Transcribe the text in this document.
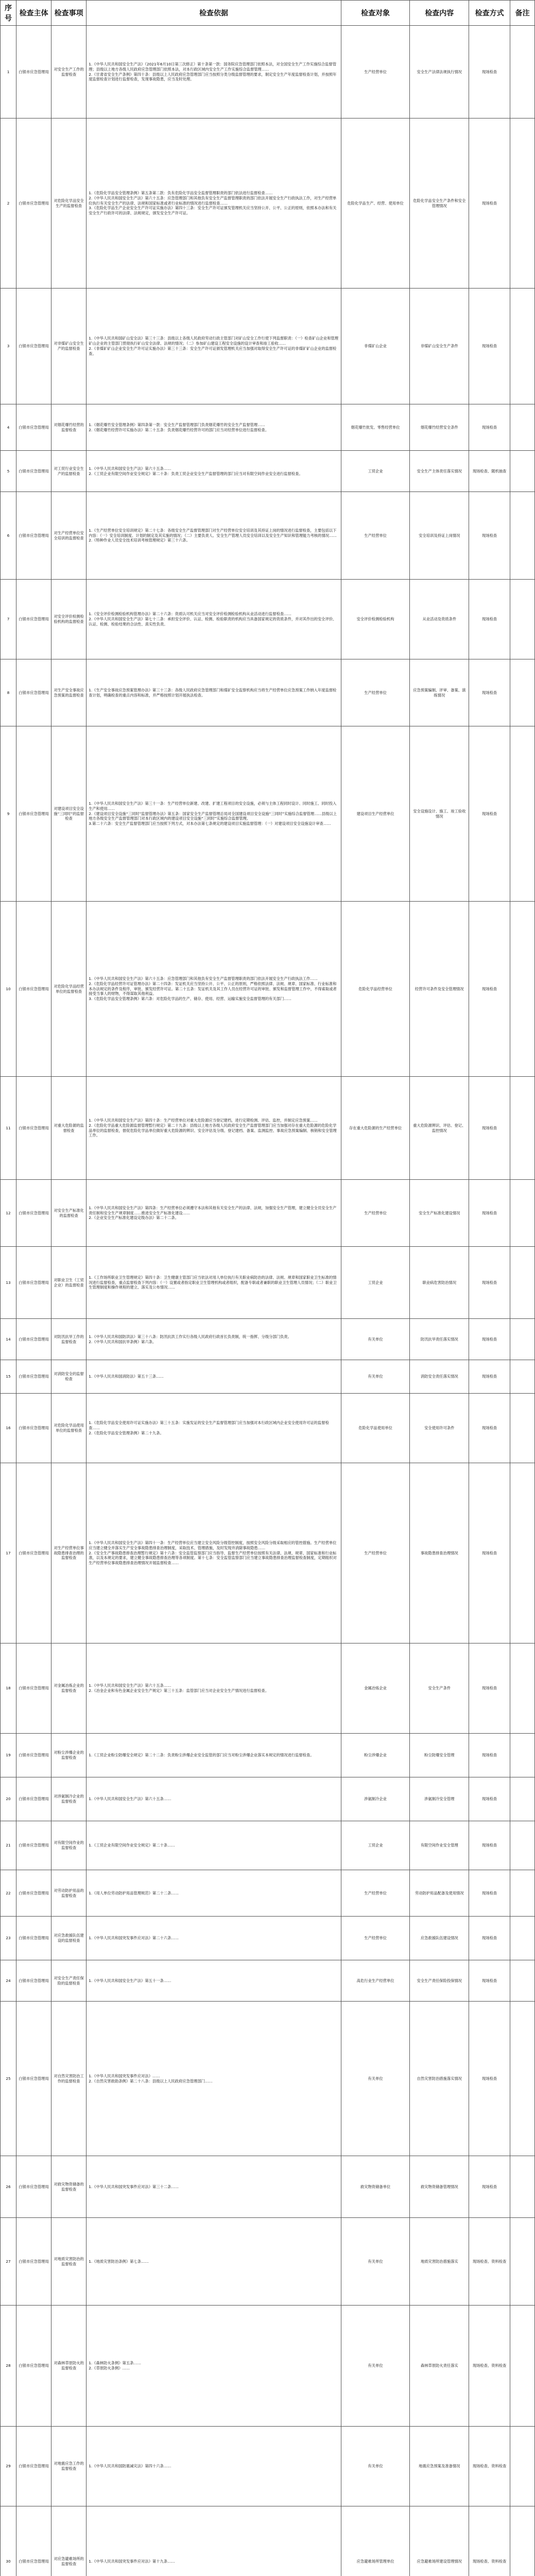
序号	检查主体	检查事项	检查依据	检查对象	检查内容	检查方式	备注
1	白银市应急管理局	对安全生产工作的监督检查	1.《中华人民共和国安全生产法》（2021年6月10日第三次修正）第十条第一款：国务院应急管理部门依照本法，对全国安全生产工作实施综合监督管理；县级以上地方各级人民政府应急管理部门依照本法，对本行政区域内安全生产工作实施综合监督管理……
2.《甘肃省安全生产条例》第四十条：县级以上人民政府应急管理部门应当按照分类分级监督管理的要求，制定安全生产年度监督检查计划，并按照年度监督检查计划进行监督检查，发现事故隐患，应当及时处理。	生产经营单位	安全生产法律法规执行情况	现场检查	
2	白银市应急管理局	对危险化学品安全生产的监督检查	1.《危险化学品安全管理条例》第五条第二款：负有危险化学品安全监督管理职责的部门依法进行监督检查……
2.《中华人民共和国安全生产法》第六十五条：应急管理部门和其他负有安全生产监督管理职责的部门依法开展安全生产行政执法工作，对生产经营单位执行有关安全生产的法律、法规和国家标准或者行业标准的情况进行监督检查……
3.《危险化学品生产企业安全生产许可证实施办法》第四十三条：安全生产许可证颁发管理机关应当坚持公开、公平、公正的原则，依照本办法和有关安全生产行政许可的法律、法规规定，颁发安全生产许可证。	危险化学品生产、经营、使用单位	危险化学品安全生产条件和安全管理情况	现场检查	
3	白银市应急管理局	对非煤矿山安全生产的监督检查	1.《中华人民共和国矿山安全法》第三十三条：县级以上各级人民政府劳动行政主管部门对矿山安全工作行使下列监督职责：（一）检查矿山企业和管理矿山企业的主管部门贯彻执行矿山安全法律、法规的情况；（二）参加矿山建设工程安全设施的设计审查和竣工验收……
2.《非煤矿矿山企业安全生产许可证实施办法》第三十三条：安全生产许可证颁发管理机关应当加强对取得安全生产许可证的非煤矿矿山企业的监督检查。	非煤矿山企业	非煤矿山安全生产条件	现场检查	
4	白银市应急管理局	对烟花爆竹经营的监督检查	1.《烟花爆竹安全管理条例》第四条第一款：安全生产监督管理部门负责烟花爆竹的安全生产监督管理……
2.《烟花爆竹经营许可实施办法》第二十五条：负责烟花爆竹经营许可的部门应当对经营单位进行监督检查。	烟花爆竹批发、零售经营单位	烟花爆竹经营安全条件	现场检查	
5	白银市应急管理局	对工贸行业安全生产的监督检查	1.《中华人民共和国安全生产法》第六十五条……
2.《工贸企业有限空间作业安全规定》第二十条：负责工贸企业安全生产监督管理的部门应当对有限空间作业安全进行监督检查。	工贸企业	安全生产主体责任落实情况	现场检查、随机抽查	
6	白银市应急管理局	对生产经营单位安全培训的监督检查	1.《生产经营单位安全培训规定》第二十七条：各级安全生产监督管理部门对生产经营单位安全培训及其持证上岗的情况进行监督检查，主要包括以下内容：（一）安全培训制度、计划的制定及其实施的情况；（二）主要负责人、安全生产管理人员安全培训以及安全生产知识和管理能力考核的情况……
2.《特种作业人员安全技术培训考核管理规定》第三十六条。	生产经营单位	安全培训及持证上岗情况	现场检查	
7	白银市应急管理局	对安全评价检测检验机构的监督检查	1.《安全评价检测检验机构管理办法》第二十六条：资质认可机关应当对安全评价检测检验机构从业活动进行监督检查……
2.《中华人民共和国安全生产法》第七十二条：承担安全评价、认证、检测、检验职责的机构应当具备国家规定的资质条件，并对其作出的安全评价、认证、检测、检验结果的合法性、真实性负责。	安全评价检测检验机构	从业活动及资质条件	现场检查	
8	白银市应急管理局	对生产安全事故应急预案的监督检查	1.《生产安全事故应急预案管理办法》第三十三条：各级人民政府应急管理部门和煤矿安全监察机构应当将生产经营单位应急预案工作纳入年度监督检查计划，明确检查的重点内容和标准，并严格按照计划开展执法检查。	生产经营单位	应急预案编制、评审、备案、演练情况	现场检查	
9	白银市应急管理局	对建设项目安全设施“三同时”的监督检查	1.《中华人民共和国安全生产法》第三十一条：生产经营单位新建、改建、扩建工程项目的安全设施，必须与主体工程同时设计、同时施工、同时投入生产和使用……
2.《建设项目安全设施“三同时”监督管理办法》第五条：国家安全生产监督管理总局对全国建设项目安全设施“三同时”实施综合监督管理……县级以上地方各级安全生产监督管理部门对本行政区域内的建设项目安全设施“三同时”实施综合监督管理。
3.第二十六条：安全生产监督管理部门应当按照下列方式，对本办法第七条规定的建设项目实施监督管理：（一）对建设项目安全设施设计审查……	建设项目生产经营单位	安全设施设计、施工、竣工验收情况	现场检查	
10	白银市应急管理局	对危险化学品经营单位的监督检查	1.《中华人民共和国安全生产法》第六十五条：应急管理部门和其他负有安全生产监督管理职责的部门依法开展安全生产行政执法工作……
2.《危险化学品经营许可证管理办法》第二十四条：发证机关应当坚持公开、公平、公正的原则，严格依照法律、法规、规章、国家标准、行业标准和本办法规定的条件及程序，审批、颁发经营许可证。第二十五条：发证机关及其工作人员在经营许可证的审批、颁发和监督管理工作中，不得索取或者接受当事人的财物，不得谋取其他利益。
3.《危险化学品安全管理条例》第六条：对危险化学品的生产、储存、使用、经营、运输实施安全监督管理的有关部门……	危险化学品经营单位	经营许可条件及安全管理情况	现场检查	
11	白银市应急管理局	对重大危险源的监督检查	1.《中华人民共和国安全生产法》第四十条：生产经营单位对重大危险源应当登记建档，进行定期检测、评估、监控，并制定应急预案……
2.《危险化学品重大危险源监督管理暂行规定》第二十九条：县级以上地方各级人民政府安全生产监督管理部门应当加强对存在重大危险源的危险化学品单位的监督检查，督促危险化学品单位做好重大危险源的辨识、安全评估及分级、登记建档、备案、监测监控、事故应急预案编制、核销和安全管理工作。	存在重大危险源的生产经营单位	重大危险源辨识、评估、登记、监控情况	现场检查	
12	白银市应急管理局	对安全生产标准化的监督检查	1.《中华人民共和国安全生产法》第四条：生产经营单位必须遵守本法和其他有关安全生产的法律、法规，加强安全生产管理，建立健全全员安全生产责任制和安全生产规章制度……推进安全生产标准化建设……
2.《企业安全生产标准化建设定级办法》第二十二条。	生产经营单位	安全生产标准化建设情况	现场检查	
13	白银市应急管理局	对职业卫生（工贸企业）的监督检查	1.《工作场所职业卫生管理规定》第四十条：卫生健康主管部门应当依法对用人单位执行有关职业病防治的法律、法规、规章和国家职业卫生标准的情况进行监督检查，重点监督检查下列内容：（一）设置或者指定职业卫生管理机构或者组织，配备专职或者兼职的职业卫生管理人员情况；（二）职业卫生管理制度和操作规程的建立、落实及公布情况……	工贸企业	职业病危害防治情况	现场检查	
14	白银市应急管理局	对防汛抗旱工作的监督检查	1.《中华人民共和国防洪法》第三十八条：防汛抗洪工作实行各级人民政府行政首长负责制，统一指挥、分级分部门负责。
2.《中华人民共和国抗旱条例》第六条。	有关单位	防汛抗旱责任落实情况	现场检查	
15	白银市应急管理局	对消防安全的监督检查	1.《中华人民共和国消防法》第五十三条……	有关单位	消防安全责任落实情况	现场检查	
16	白银市应急管理局	对危险化学品使用单位的监督检查	1.《危险化学品安全使用许可证实施办法》第三十五条：实施发证的安全生产监督管理部门应当加强对本行政区域内企业安全使用许可证的监督检查……
2.《危险化学品安全管理条例》第二十九条。	危险化学品使用单位	安全使用许可条件	现场检查	
17	白银市应急管理局	对生产经营单位事故隐患排查治理的监督检查	1.《中华人民共和国安全生产法》第四十一条：生产经营单位应当建立安全风险分级管控制度，按照安全风险分级采取相应的管控措施。生产经营单位应当建立健全并落实生产安全事故隐患排查治理制度，采取技术、管理措施，及时发现并消除事故隐患……
2.《安全生产事故隐患排查治理暂行规定》第十六条：安全监管监察部门应当指导、监督生产经营单位按照有关法律、法规、规章、国家标准和行业标准，以及本规定的要求，建立健全事故隐患排查治理等各项制度。第十七条：安全监管监察部门应当建立事故隐患排查治理监督检查制度，定期组织对生产经营单位事故隐患排查治理情况开展监督检查……	生产经营单位	事故隐患排查治理情况	现场检查	
18	白银市应急管理局	对金属冶炼企业的监督检查	1.《中华人民共和国安全生产法》第六十五条……
2.《冶金企业和有色金属企业安全生产规定》第三十五条：监管部门应当对企业安全生产情况进行监督检查。	金属冶炼企业	安全生产条件	现场检查	
19	白银市应急管理局	对粉尘涉爆企业的监督检查	1.《工贸企业粉尘防爆安全规定》第二十二条：负责粉尘涉爆企业安全监管的部门应当对粉尘涉爆企业落实本规定的情况进行监督检查。	粉尘涉爆企业	粉尘防爆安全管理	现场检查	
20	白银市应急管理局	对涉氨制冷企业的监督检查	1.《中华人民共和国安全生产法》第六十五条……	涉氨制冷企业	涉氨制冷安全管理	现场检查	
21	白银市应急管理局	对有限空间作业的监督检查	1.《工贸企业有限空间作业安全规定》第二十条……	工贸企业	有限空间作业安全管理	现场检查	
22	白银市应急管理局	对劳动防护用品的监督检查	1.《用人单位劳动防护用品管理规范》第二十二条……	生产经营单位	劳动防护用品配备及使用情况	现场检查	
23	白银市应急管理局	对应急救援队伍建设的监督检查	1.《中华人民共和国突发事件应对法》第二十六条……	生产经营单位	应急救援队伍建设情况	现场检查	
24	白银市应急管理局	对安全生产责任保险的监督检查	1.《中华人民共和国安全生产法》第五十一条……	高危行业生产经营单位	安全生产责任保险投保情况	现场检查	
25	白银市应急管理局	对自然灾害防治工作的监督检查	1.《中华人民共和国突发事件应对法》……
2.《自然灾害救助条例》第二十八条：县级以上人民政府应急管理部门……	有关单位	自然灾害防治措施落实情况	现场检查	
26	白银市应急管理局	对救灾物资储备的监督检查	1.《中华人民共和国突发事件应对法》第三十二条……	救灾物资储备单位	救灾物资储备管理情况	现场检查	
27	白银市应急管理局	对地质灾害防治的监督检查	1.《地质灾害防治条例》第七条……	有关单位	地质灾害防治措施落实	现场检查、资料检查	
28	白银市应急管理局	对森林草原防火的监督检查	1.《森林防火条例》第五条……
2.《草原防火条例》……	有关单位	森林草原防火责任落实	现场检查、资料检查	
29	白银市应急管理局	对地震应急工作的监督检查	1.《中华人民共和国防震减灾法》第四十六条……	有关单位	地震应急预案及准备情况	现场检查、资料检查	
30	白银市应急管理局	对应急避难场所的监督检查	1.《中华人民共和国突发事件应对法》第十九条……	应急避难场所管理单位	应急避难场所建设管理情况	现场检查、资料检查	
